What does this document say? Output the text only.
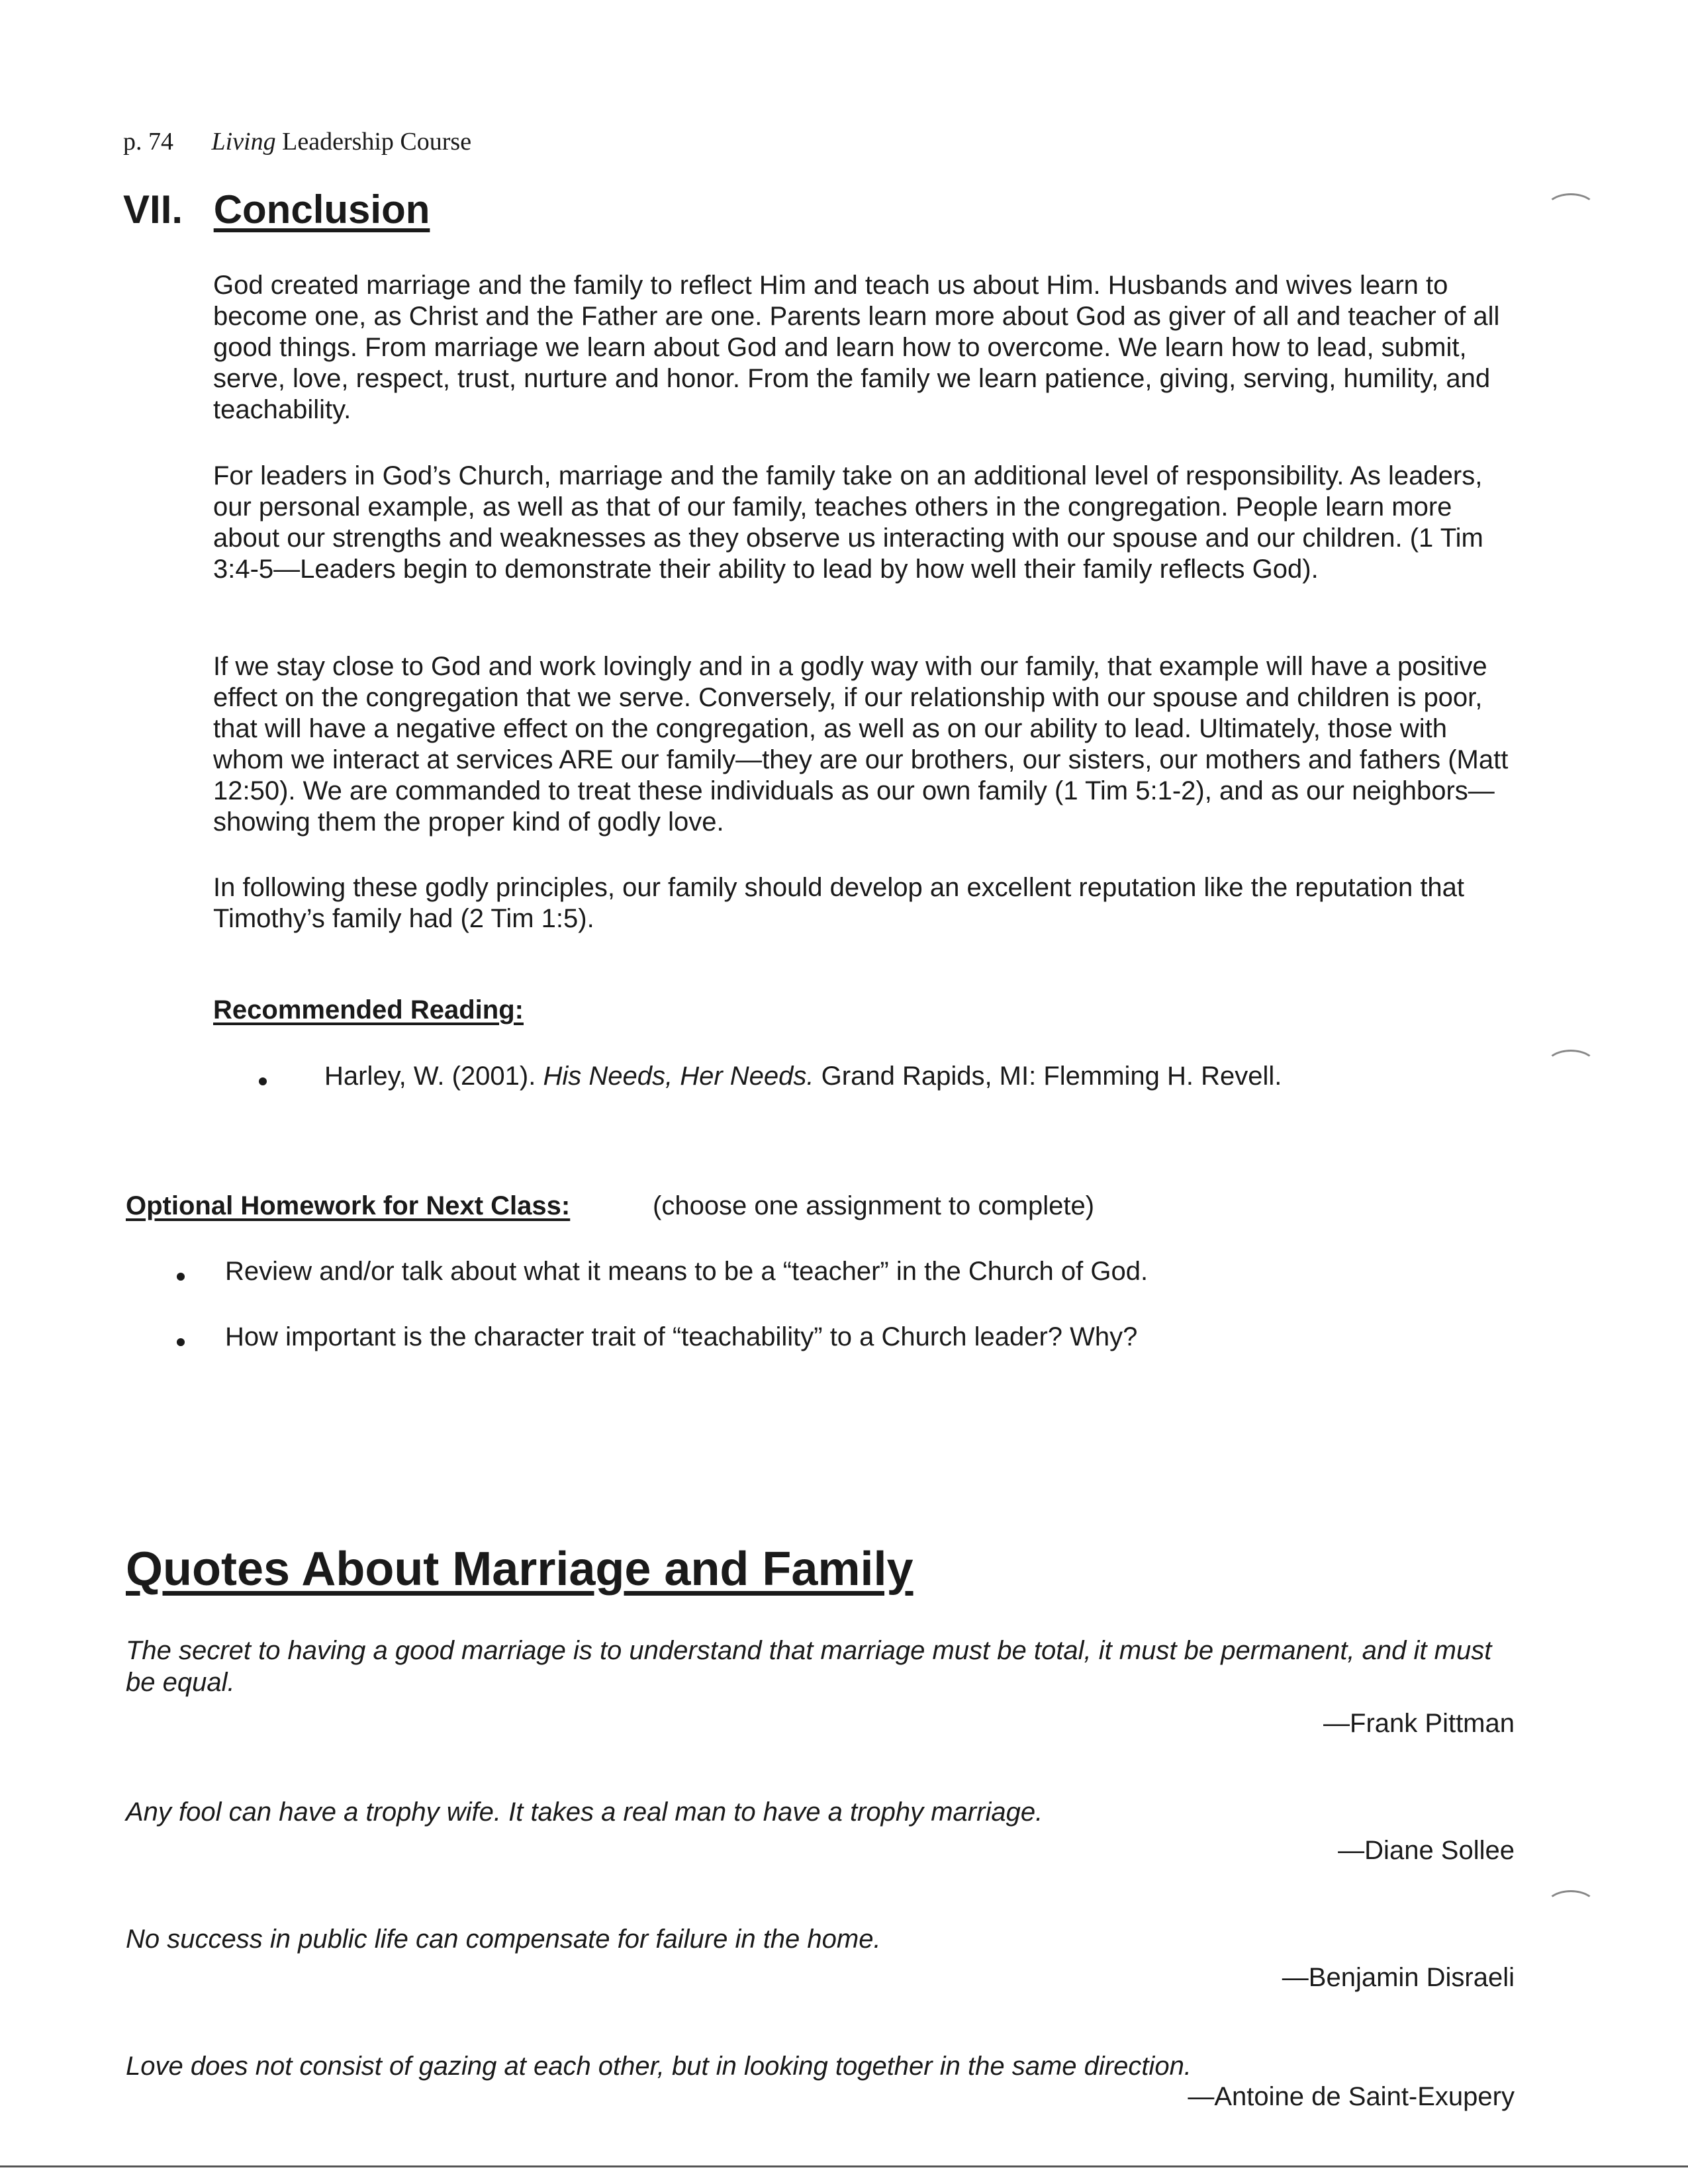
p. 74 Living Leadership Course
VII. Conclusion
God created marriage and the family to reflect Him and teach us about Him. Husbands and wives learn to become one, as Christ and the Father are one. Parents learn more about God as giver of all and teacher of all good things. From marriage we learn about God and learn how to overcome. We learn how to lead, submit, serve, love, respect, trust, nurture and honor. From the family we learn patience, giving, serving, humility, and teachability.
For leaders in God’s Church, marriage and the family take on an additional level of responsibility. As leaders, our personal example, as well as that of our family, teaches others in the congregation. People learn more about our strengths and weaknesses as they observe us interacting with our spouse and our children. (1 Tim 3:4-5—Leaders begin to demonstrate their ability to lead by how well their family reflects God).
If we stay close to God and work lovingly and in a godly way with our family, that example will have a positive effect on the congregation that we serve. Conversely, if our relationship with our spouse and children is poor, that will have a negative effect on the congregation, as well as on our ability to lead. Ultimately, those with whom we interact at services ARE our family—they are our brothers, our sisters, our mothers and fathers (Matt 12:50). We are commanded to treat these individuals as our own family (1 Tim 5:1-2), and as our neighbors—showing them the proper kind of godly love.
In following these godly principles, our family should develop an excellent reputation like the reputation that Timothy’s family had (2 Tim 1:5).
Recommended Reading:
Harley, W. (2001). His Needs, Her Needs. Grand Rapids, MI: Flemming H. Revell.
Optional Homework for Next Class:	(choose one assignment to complete)
Review and/or talk about what it means to be a “teacher” in the Church of God.
How important is the character trait of “teachability” to a Church leader? Why?
Quotes About Marriage and Family
The secret to having a good marriage is to understand that marriage must be total, it must be permanent, and it must be equal.
—Frank Pittman
Any fool can have a trophy wife. It takes a real man to have a trophy marriage.
—Diane Sollee
No success in public life can compensate for failure in the home.
—Benjamin Disraeli
Love does not consist of gazing at each other, but in looking together in the same direction.
—Antoine de Saint-Exupery
